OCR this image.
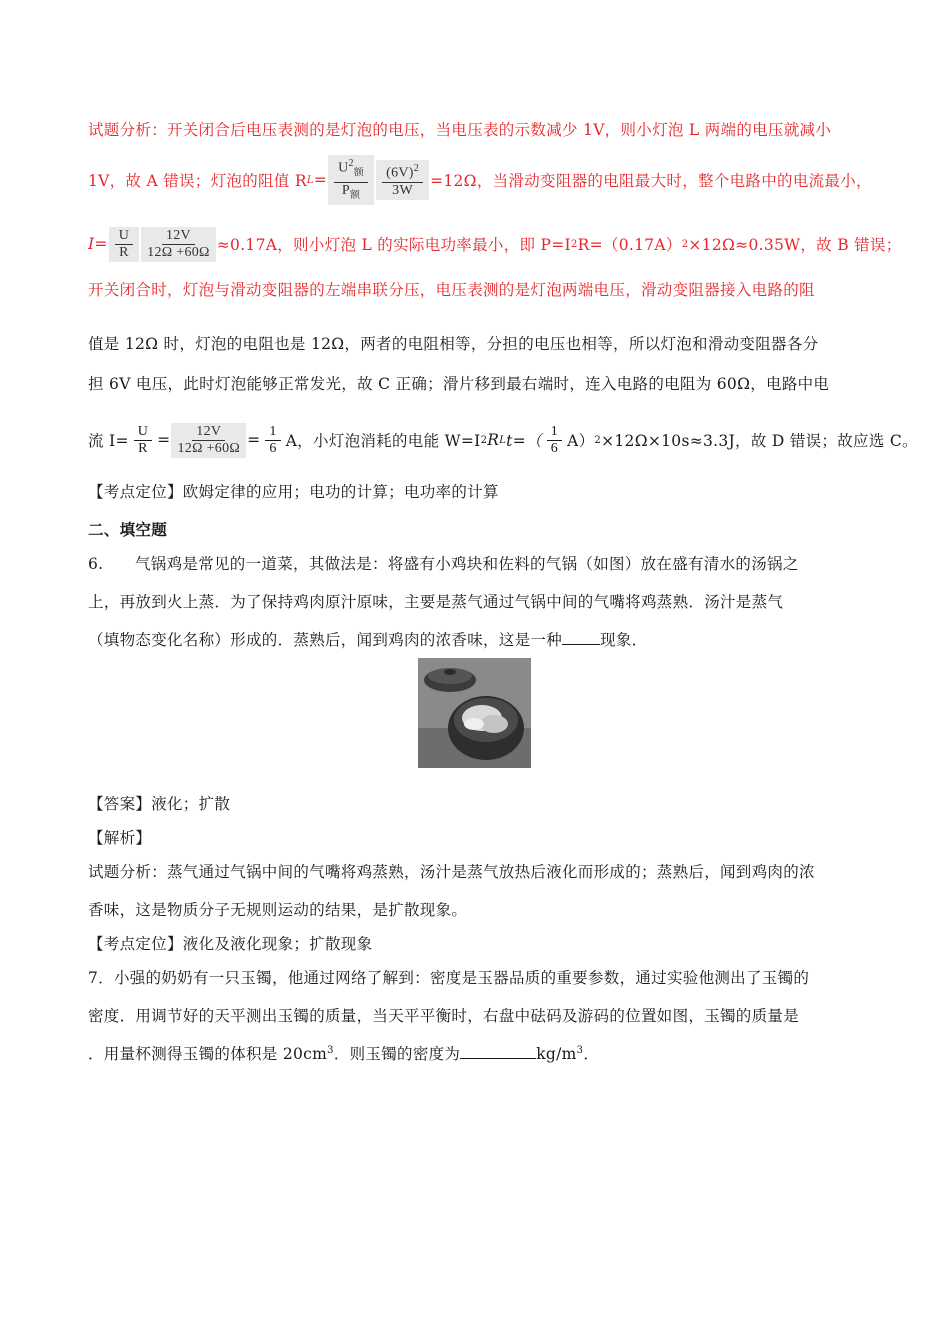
试题分析：开关闭合后电压表测的是灯泡的电压，当电压表的示数减少 1V，则小灯泡 L 两端的电压就减小
1V，故 A 错误；灯泡的阻值 R $L = \frac{U^2_额}{P_额} \frac{(6V)^2}{3W} =12\Omega$，当滑动变阻器的电阻最大时，整个电路中的电流最小，
$I= \frac{U}{R} \frac{12V}{12\Omega +60\Omega} \approx 0.17A$，则小灯泡 L 的实际电功率最小，即 P=I 2 R=（0.17A） 2 ×12Ω≈0.35W，故 B 错误；
开关闭合时，灯泡与滑动变阻器的左端串联分压，电压表测的是灯泡两端电压，滑动变阻器接入电路的阻
值是 12Ω 时，灯泡的电阻也是 12Ω，两者的电阻相等，分担的电压也相等，所以灯泡和滑动变阻器各分
担 6V 电压，此时灯泡能够正常发光，故 C 正确；滑片移到最右端时，连入电路的电阻为 60Ω，电路中电
流 $I= \frac{U}{R} = \frac{12V}{12\Omega +60\Omega} = \frac{1}{6}$ A，小灯泡消耗的电能 W=I 2 R L $t=( \frac{1}{6} A)$ 2 ×12Ω×10s≈3.3J，故 D 错误；故应选 C。
【考点定位】欧姆定律的应用；电功的计算；电功率的计算
二、填空题
6.　　气锅鸡是常见的一道菜，其做法是：将盛有小鸡块和佐料的气锅（如图）放在盛有清水的汤锅之
上，再放到火上蒸．为了保持鸡肉原汁原味，主要是蒸气通过气锅中间的气嘴将鸡蒸熟．汤汁是蒸气
（填物态变化名称）形成的．蒸熟后，闻到鸡肉的浓香味，这是一种 现象．
【答案】液化；扩散
【解析】
试题分析：蒸气通过气锅中间的气嘴将鸡蒸熟，汤汁是蒸气放热后液化而形成的；蒸熟后，闻到鸡肉的浓
香味，这是物质分子无规则运动的结果，是扩散现象。
【考点定位】液化及液化现象；扩散现象
7．小强的奶奶有一只玉镯，他通过网络了解到：密度是玉器品质的重要参数，通过实验他测出了玉镯的
密度．用调节好的天平测出玉镯的质量，当天平平衡时，右盘中砝码及游码的位置如图，玉镯的质量是
．用量杯测得玉镯的体积是 $20cm^3$．则玉镯的密度为	$kg/m^3$．
